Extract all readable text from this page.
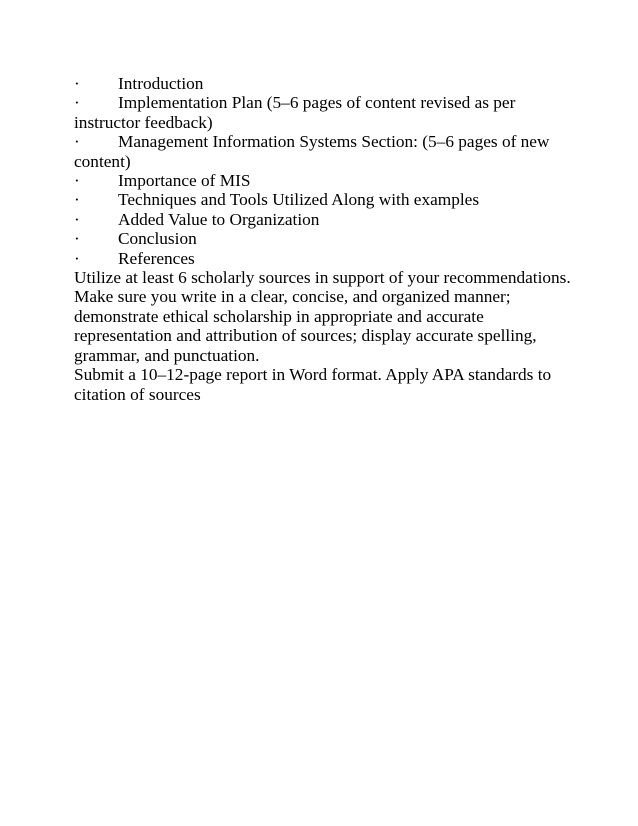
· Introduction
· Implementation Plan (5–6 pages of content revised as per instructor feedback)
· Management Information Systems Section: (5–6 pages of new content)
· Importance of MIS
· Techniques and Tools Utilized Along with examples
· Added Value to Organization
· Conclusion
· References

Utilize at least 6 scholarly sources in support of your recommendations. Make sure you write in a clear, concise, and organized manner; demonstrate ethical scholarship in appropriate and accurate representation and attribution of sources; display accurate spelling, grammar, and punctuation.

Submit a 10–12-page report in Word format. Apply APA standards to citation of sources
